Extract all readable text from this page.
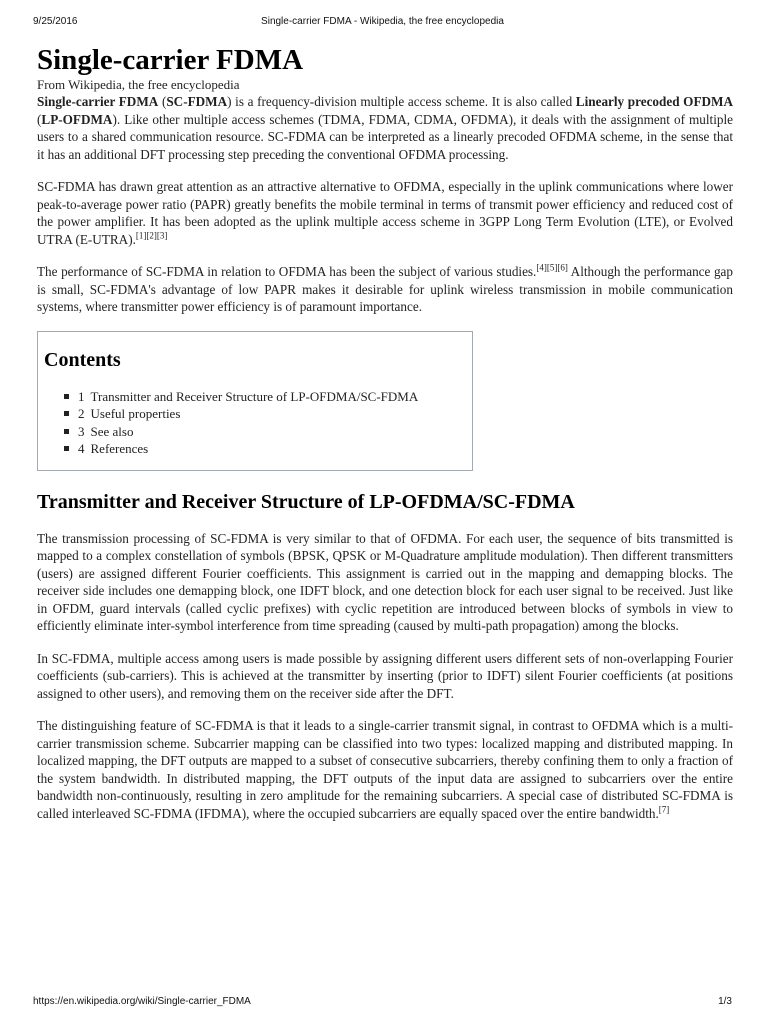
9/25/2016	Single-carrier FDMA - Wikipedia, the free encyclopedia
Single-carrier FDMA
From Wikipedia, the free encyclopedia

Single-carrier FDMA (SC-FDMA) is a frequency-division multiple access scheme. It is also called Linearly precoded OFDMA (LP-OFDMA). Like other multiple access schemes (TDMA, FDMA, CDMA, OFDMA), it deals with the assignment of multiple users to a shared communication resource. SC-FDMA can be interpreted as a linearly precoded OFDMA scheme, in the sense that it has an additional DFT processing step preceding the conventional OFDMA processing.

SC-FDMA has drawn great attention as an attractive alternative to OFDMA, especially in the uplink communications where lower peak-to-average power ratio (PAPR) greatly benefits the mobile terminal in terms of transmit power efficiency and reduced cost of the power amplifier. It has been adopted as the uplink multiple access scheme in 3GPP Long Term Evolution (LTE), or Evolved UTRA (E-UTRA).[1][2][3]

The performance of SC-FDMA in relation to OFDMA has been the subject of various studies.[4][5][6] Although the performance gap is small, SC-FDMA's advantage of low PAPR makes it desirable for uplink wireless transmission in mobile communication systems, where transmitter power efficiency is of paramount importance.

Contents
1 Transmitter and Receiver Structure of LP-OFDMA/SC-FDMA
2 Useful properties
3 See also
4 References
Transmitter and Receiver Structure of LP-OFDMA/SC-FDMA

The transmission processing of SC-FDMA is very similar to that of OFDMA. For each user, the sequence of bits transmitted is mapped to a complex constellation of symbols (BPSK, QPSK or M-Quadrature amplitude modulation). Then different transmitters (users) are assigned different Fourier coefficients. This assignment is carried out in the mapping and demapping blocks. The receiver side includes one demapping block, one IDFT block, and one detection block for each user signal to be received. Just like in OFDM, guard intervals (called cyclic prefixes) with cyclic repetition are introduced between blocks of symbols in view to efficiently eliminate inter-symbol interference from time spreading (caused by multi-path propagation) among the blocks.

In SC-FDMA, multiple access among users is made possible by assigning different users different sets of non-overlapping Fourier coefficients (sub-carriers). This is achieved at the transmitter by inserting (prior to IDFT) silent Fourier coefficients (at positions assigned to other users), and removing them on the receiver side after the DFT.

The distinguishing feature of SC-FDMA is that it leads to a single-carrier transmit signal, in contrast to OFDMA which is a multi-carrier transmission scheme. Subcarrier mapping can be classified into two types: localized mapping and distributed mapping. In localized mapping, the DFT outputs are mapped to a subset of consecutive subcarriers, thereby confining them to only a fraction of the system bandwidth. In distributed mapping, the DFT outputs of the input data are assigned to subcarriers over the entire bandwidth non-continuously, resulting in zero amplitude for the remaining subcarriers. A special case of distributed SC-FDMA is called interleaved SC-FDMA (IFDMA), where the occupied subcarriers are equally spaced over the entire bandwidth.[7]

https://en.wikipedia.org/wiki/Single-carrier_FDMA	1/3
